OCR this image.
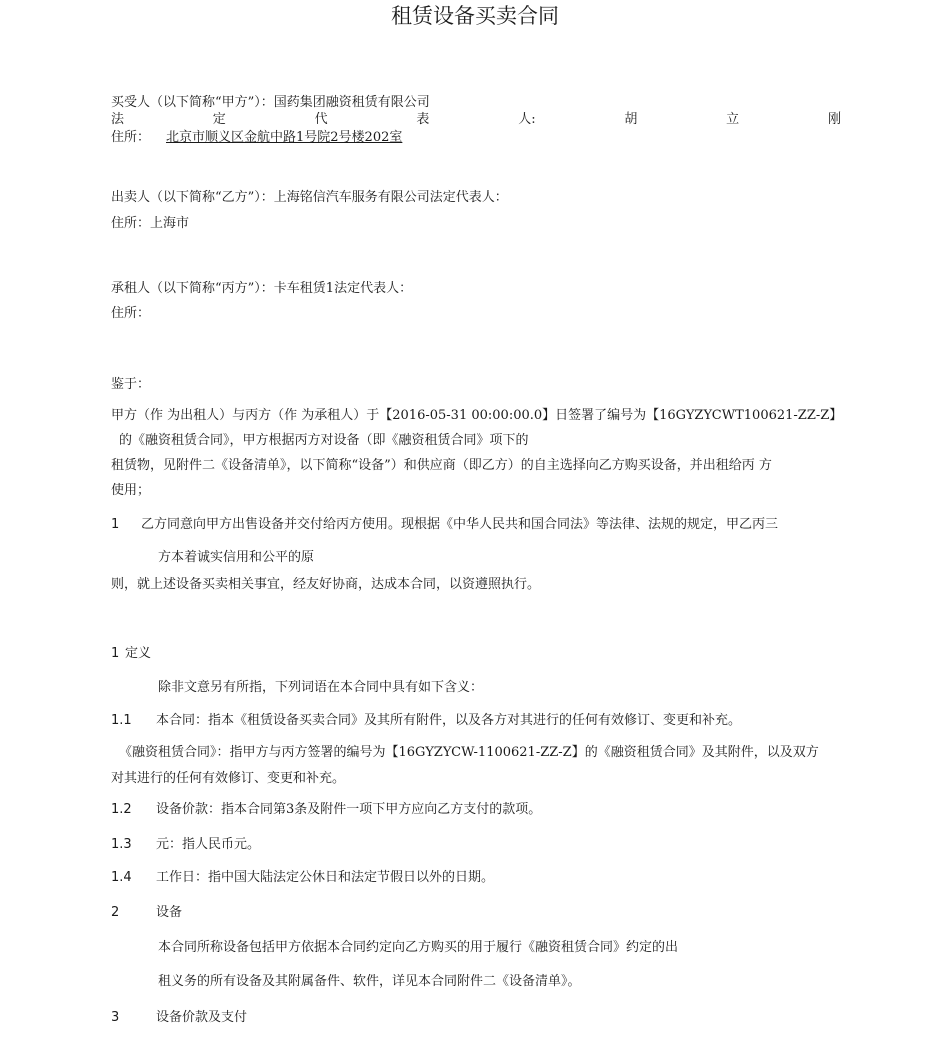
租赁设备买卖合同
买受人（以下简称“甲方”）：国药集团融资租赁有限公司
法	定	代	表	人:	胡	立	刚
住所： 北京市顺义区金航中路1号院2号楼202室
出卖人（以下简称“乙方”）：上海铭信汽车服务有限公司法定代表人：
住所：上海市
承租人（以下简称“丙方”）：卡车租赁1法定代表人：
住所：
鉴于：
甲方（作 为出租人）与丙方（作 为承租人）于【2016-05-31 00:00:00.0】日签署了编号为【16GYZYCWT100621-ZZ-Z】
的《融资租赁合同》，甲方根据丙方对设备（即《融资租赁合同》项下的
租赁物，见附件二《设备清单》，以下简称“设备”）和供应商（即乙方）的自主选择向乙方购买设备，并出租给丙 方
使用；
1 乙方同意向甲方出售设备并交付给丙方使用。现根据《中华人民共和国合同法》等法律、法规的规定，甲乙丙三
方本着诚实信用和公平的原
则，就上述设备买卖相关事宜，经友好协商，达成本合同，以资遵照执行。
1 定义
除非文意另有所指，下列词语在本合同中具有如下含义：
1.1 本合同：指本《租赁设备买卖合同》及其所有附件，以及各方对其进行的任何有效修订、变更和补充。
《融资租赁合同》：指甲方与丙方签署的编号为【16GYZYCW-1100621-ZZ-Z】的《融资租赁合同》及其附件，以及双方
对其进行的任何有效修订、变更和补充。
1.2 设备价款：指本合同第3条及附件一项下甲方应向乙方支付的款项。
1.3 元：指人民币元。
1.4 工作日：指中国大陆法定公休日和法定节假日以外的日期。
2	设备
本合同所称设备包括甲方依据本合同约定向乙方购买的用于履行《融资租赁合同》约定的出
租义务的所有设备及其附属备件、软件，详见本合同附件二《设备清单》。
3	设备价款及支付
